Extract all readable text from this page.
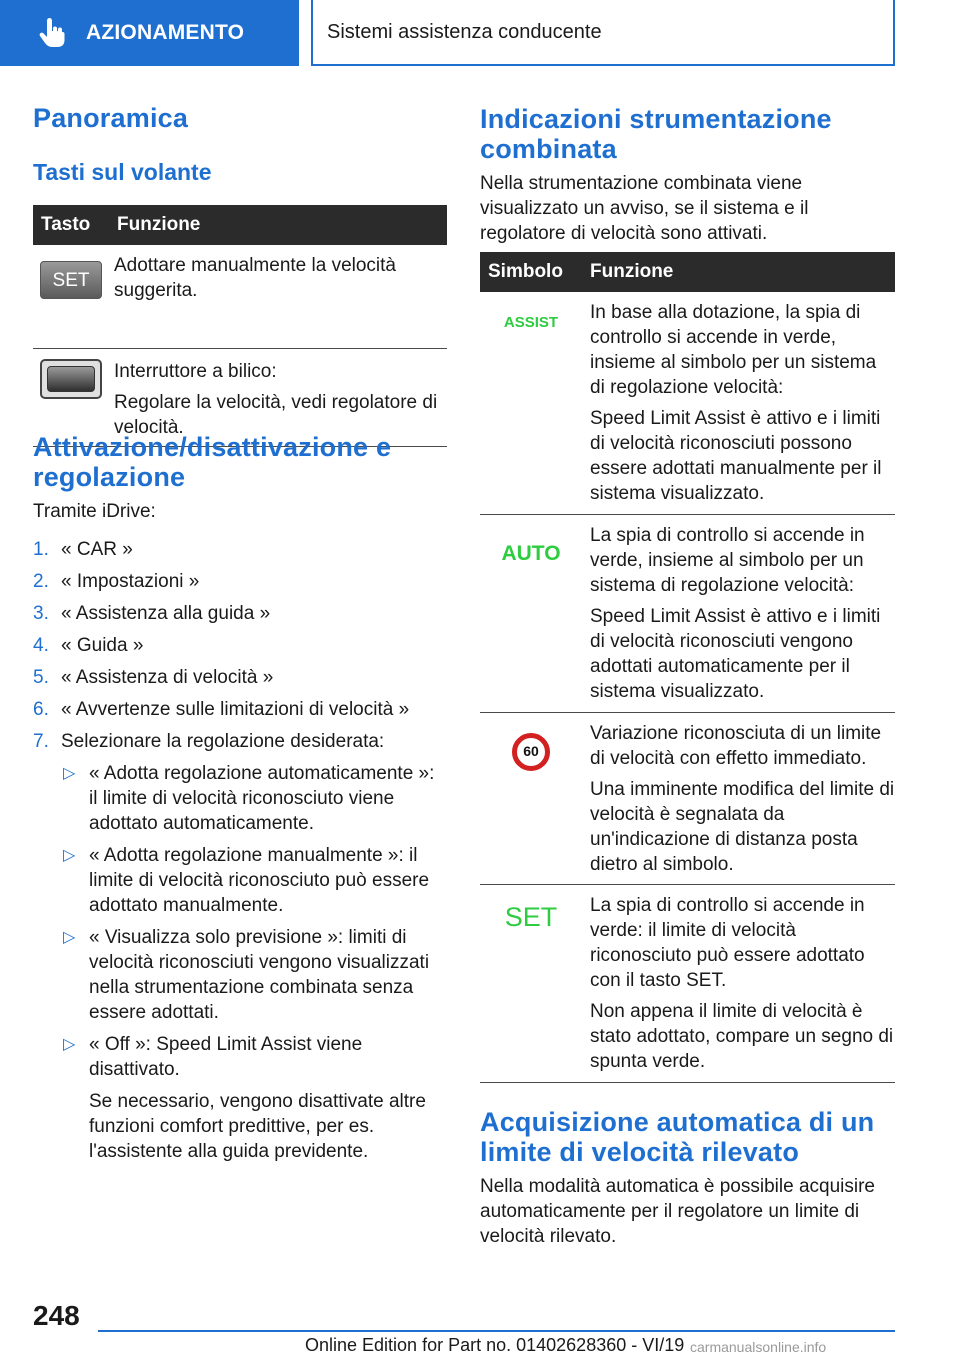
AZIONAMENTO	Sistemi assistenza conducente
Panoramica
Tasti sul volante
Tasto	Funzione

SET	Adottare manualmente la velocità suggerita.

	Interruttore a bilico:

Regolare la velocità, vedi regolatore di velocità.

Attivazione/disattivazione e regolazione

Tramite iDrive:

1. « CAR »
2. « Impostazioni »
3. « Assistenza alla guida »
4. « Guida »
5. « Assistenza di velocità »
6. « Avvertenze sulle limitazioni di velocità »
7. Selezionare la regolazione desiderata:
▷ « Adotta regolazione automaticamente »: il limite di velocità riconosciuto viene adottato automaticamente.
▷ « Adotta regolazione manualmente »: il limite di velocità riconosciuto può essere adottato manualmente.
▷ « Visualizza solo previsione »: limiti di velocità riconosciuti vengono visualizzati nella strumentazione combinata senza essere adottati.
▷ « Off »: Speed Limit Assist viene disattivato.

Se necessario, vengono disattivate altre funzioni comfort predittive, per es. l'assistente alla guida previdente.

Indicazioni strumentazione combinata

Nella strumentazione combinata viene visualizzato un avviso, se il sistema e il regolatore di velocità sono attivati.

Simbolo	Funzione
ASSIST	In base alla dotazione, la spia di controllo si accende in verde, insieme al simbolo per un sistema di regolazione velocità:

Speed Limit Assist è attivo e i limiti di velocità riconosciuti possono essere adottati manualmente per il sistema visualizzato.

AUTO	La spia di controllo si accende in verde, insieme al simbolo per un sistema di regolazione velocità:

Speed Limit Assist è attivo e i limiti di velocità riconosciuti vengono adottati automaticamente per il sistema visualizzato.

60	Variazione riconosciuta di un limite di velocità con effetto immediato.

Una imminente modifica del limite di velocità è segnalata da un'indicazione di distanza posta dietro al simbolo.

SET	La spia di controllo si accende in verde: il limite di velocità riconosciuto può essere adottato con il tasto SET.

Non appena il limite di velocità è stato adottato, compare un segno di spunta verde.

Acquisizione automatica di un limite di velocità rilevato

Nella modalità automatica è possibile acquisire automaticamente per il regolatore un limite di velocità rilevato.

248
Online Edition for Part no. 01402628360 - VI/19 carmanualsonline.info
